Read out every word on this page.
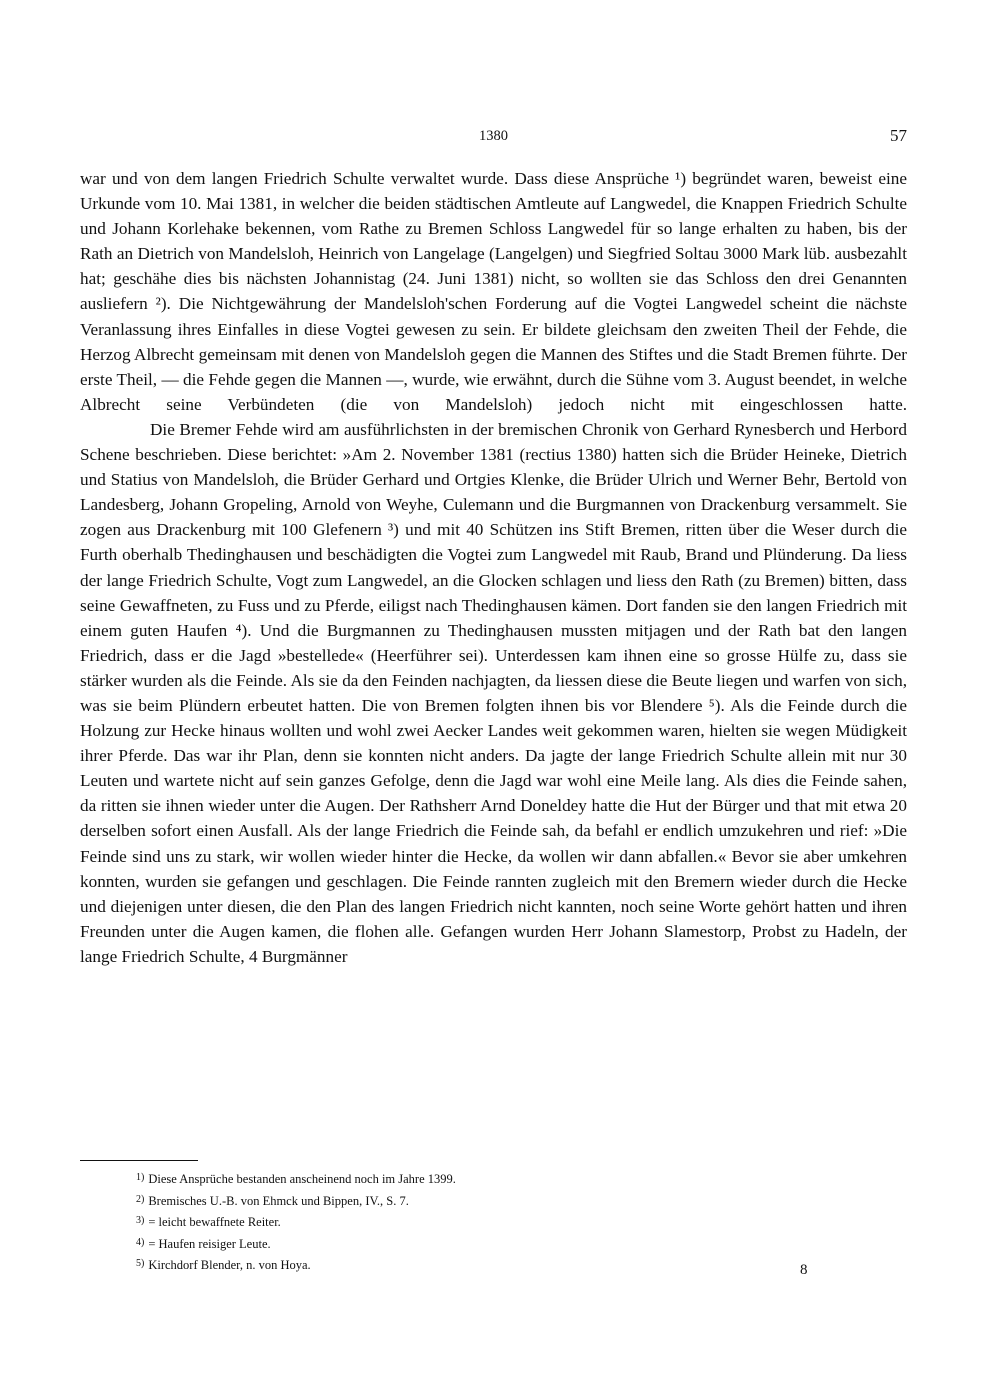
1380	57

war und von dem langen Friedrich Schulte verwaltet wurde. Dass diese Ansprüche ¹) begründet waren, beweist eine Urkunde vom 10. Mai 1381, in welcher die beiden städtischen Amtleute auf Langwedel, die Knappen Friedrich Schulte und Johann Korlehake bekennen, vom Rathe zu Bremen Schloss Langwedel für so lange erhalten zu haben, bis der Rath an Dietrich von Mandelsloh, Heinrich von Langelage (Langelgen) und Siegfried Soltau 3000 Mark lüb. ausbezahlt hat; geschähe dies bis nächsten Johannistag (24. Juni 1381) nicht, so wollten sie das Schloss den drei Genannten ausliefern ²). Die Nichtgewährung der Mandelsloh'schen Forderung auf die Vogtei Langwedel scheint die nächste Veranlassung ihres Einfalles in diese Vogtei gewesen zu sein. Er bildete gleichsam den zweiten Theil der Fehde, die Herzog Albrecht gemeinsam mit denen von Mandelsloh gegen die Mannen des Stiftes und die Stadt Bremen führte. Der erste Theil, — die Fehde gegen die Mannen —, wurde, wie erwähnt, durch die Sühne vom 3. August beendet, in welche Albrecht seine Verbündeten (die von Mandelsloh) jedoch nicht mit eingeschlossen hatte.

Die Bremer Fehde wird am ausführlichsten in der bremischen Chronik von Gerhard Rynesberch und Herbord Schene beschrieben. Diese berichtet: »Am 2. November 1381 (rectius 1380) hatten sich die Brüder Heineke, Dietrich und Statius von Mandelsloh, die Brüder Gerhard und Ortgies Klenke, die Brüder Ulrich und Werner Behr, Bertold von Landesberg, Johann Gropeling, Arnold von Weyhe, Culemann und die Burgmannen von Drackenburg versammelt. Sie zogen aus Drackenburg mit 100 Glefenern ³) und mit 40 Schützen ins Stift Bremen, ritten über die Weser durch die Furth oberhalb Thedinghausen und beschädigten die Vogtei zum Langwedel mit Raub, Brand und Plünderung. Da liess der lange Friedrich Schulte, Vogt zum Langwedel, an die Glocken schlagen und liess den Rath (zu Bremen) bitten, dass seine Gewaffneten, zu Fuss und zu Pferde, eiligst nach Thedinghausen kämen. Dort fanden sie den langen Friedrich mit einem guten Haufen ⁴). Und die Burgmannen zu Thedinghausen mussten mitjagen und der Rath bat den langen Friedrich, dass er die Jagd »bestellede« (Heerführer sei). Unterdessen kam ihnen eine so grosse Hülfe zu, dass sie stärker wurden als die Feinde. Als sie da den Feinden nachjagten, da liessen diese die Beute liegen und warfen von sich, was sie beim Plündern erbeutet hatten. Die von Bremen folgten ihnen bis vor Blendere ⁵). Als die Feinde durch die Holzung zur Hecke hinaus wollten und wohl zwei Aecker Landes weit gekommen waren, hielten sie wegen Müdigkeit ihrer Pferde. Das war ihr Plan, denn sie konnten nicht anders. Da jagte der lange Friedrich Schulte allein mit nur 30 Leuten und wartete nicht auf sein ganzes Gefolge, denn die Jagd war wohl eine Meile lang. Als dies die Feinde sahen, da ritten sie ihnen wieder unter die Augen. Der Rathsherr Arnd Doneldey hatte die Hut der Bürger und that mit etwa 20 derselben sofort einen Ausfall. Als der lange Friedrich die Feinde sah, da befahl er endlich umzukehren und rief: »Die Feinde sind uns zu stark, wir wollen wieder hinter die Hecke, da wollen wir dann abfallen.« Bevor sie aber umkehren konnten, wurden sie gefangen und geschlagen. Die Feinde rannten zugleich mit den Bremern wieder durch die Hecke und diejenigen unter diesen, die den Plan des langen Friedrich nicht kannten, noch seine Worte gehört hatten und ihren Freunden unter die Augen kamen, die flohen alle. Gefangen wurden Herr Johann Slamestorp, Probst zu Hadeln, der lange Friedrich Schulte, 4 Burgmänner

$^{1)}$ Diese Ansprüche bestanden anscheinend noch im Jahre 1399.

$^{2)}$ Bremisches U.-B. von Ehmck und Bippen, IV., S. 7.

$^{3)}$ = leicht bewaffnete Reiter.

$^{4)}$ = Haufen reisiger Leute.

$^{5)}$ Kirchdorf Blender, n. von Hoya.	8
